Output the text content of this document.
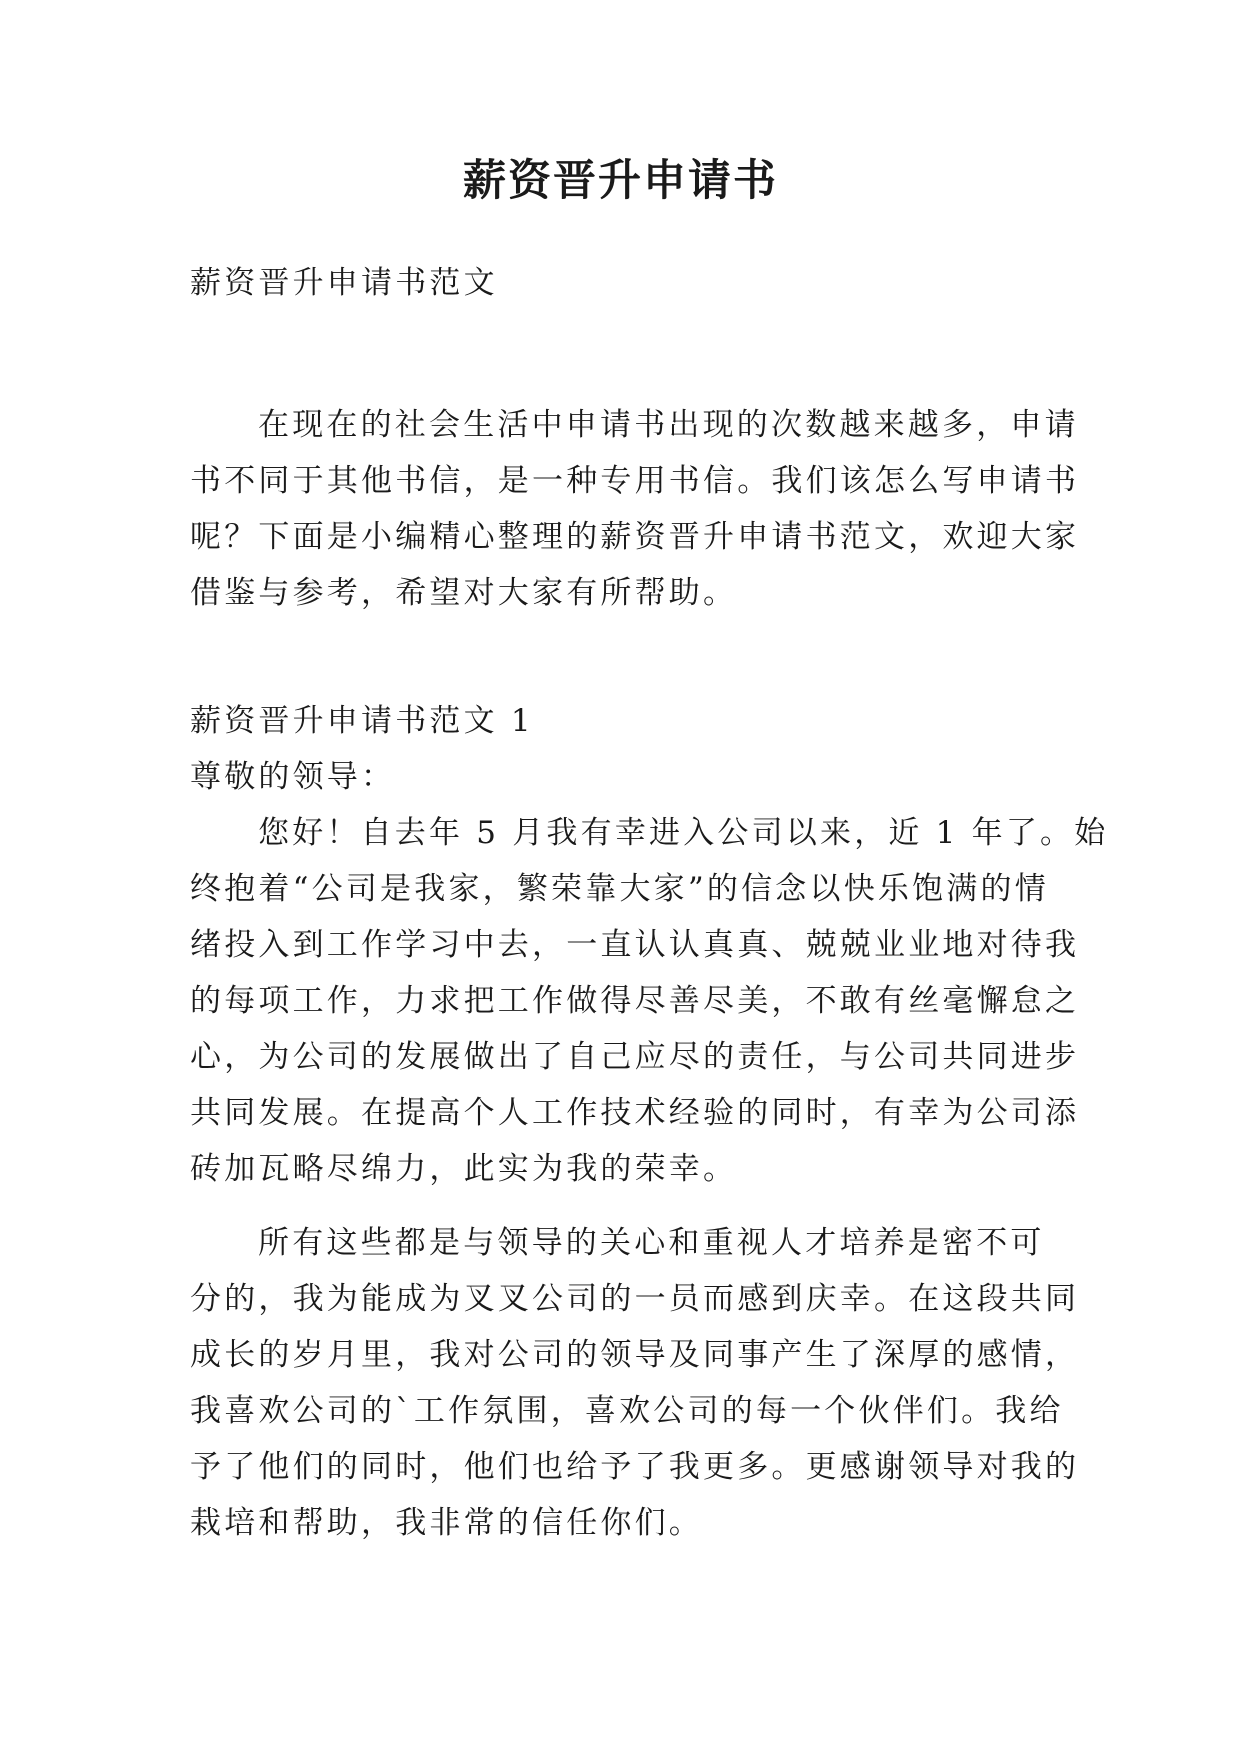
薪资晋升申请书

薪资晋升申请书范文

在现在的社会生活中申请书出现的次数越来越多，申请

书不同于其他书信，是一种专用书信。我们该怎么写申请书

呢？下面是小编精心整理的薪资晋升申请书范文，欢迎大家

借鉴与参考，希望对大家有所帮助。

薪资晋升申请书范文 1

尊敬的领导：

您好！自去年 5 月我有幸进入公司以来，近 1 年了。始

终抱着“公司是我家，繁荣靠大家”的信念以快乐饱满的情

绪投入到工作学习中去，一直认认真真、兢兢业业地对待我

的每项工作，力求把工作做得尽善尽美，不敢有丝毫懈怠之

心，为公司的发展做出了自己应尽的责任，与公司共同进步

共同发展。在提高个人工作技术经验的同时，有幸为公司添

砖加瓦略尽绵力，此实为我的荣幸。

所有这些都是与领导的关心和重视人才培养是密不可

分的，我为能成为叉叉公司的一员而感到庆幸。在这段共同

成长的岁月里，我对公司的领导及同事产生了深厚的感情，

我喜欢公司的`工作氛围，喜欢公司的每一个伙伴们。我给

予了他们的同时，他们也给予了我更多。更感谢领导对我的

栽培和帮助，我非常的信任你们。
